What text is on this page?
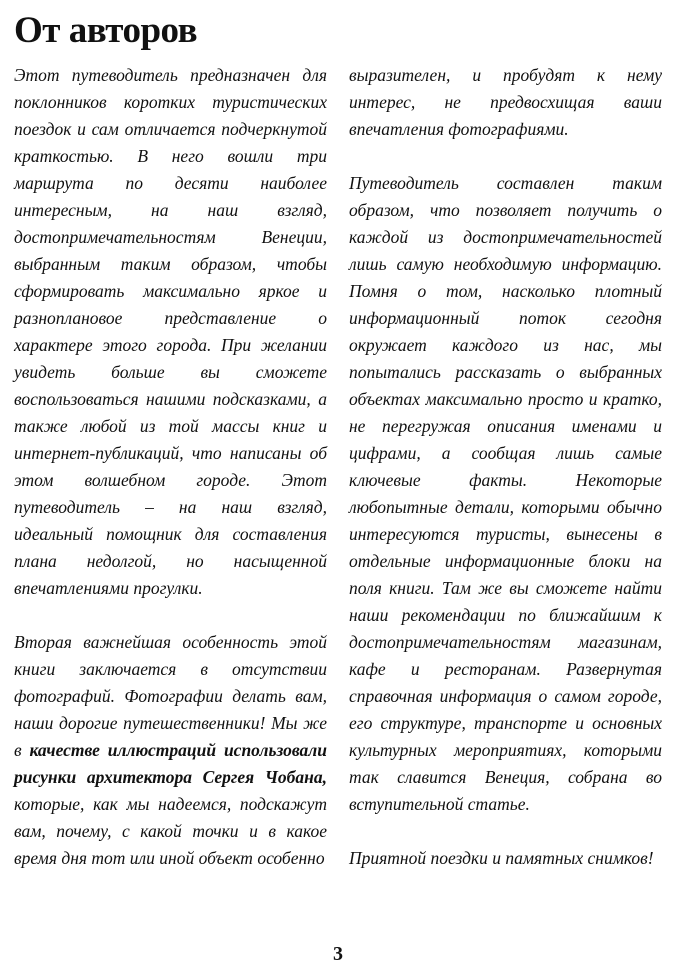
От авторов

Этот путеводитель предназначен для поклонников коротких туристических поездок и сам отличается подчеркнутой краткостью. В него вошли три маршрута по десяти наиболее интересным, на наш взгляд, достопримечательностям Венеции, выбранным таким образом, чтобы сформировать максимально яркое и разноплановое представление о характере этого города. При желании увидеть больше вы сможете воспользоваться нашими подсказками, а также любой из той массы книг и интернет-публикаций, что написаны об этом волшебном городе. Этот путеводитель – на наш взгляд, идеальный помощник для составления плана недолгой, но насыщенной впечатлениями прогулки.

Вторая важнейшая особенность этой книги заключается в отсутствии фотографий. Фотографии делать вам, наши дорогие путешественники! Мы же в качестве иллюстраций использовали рисунки архитектора Сергея Чобана, которые, как мы надеемся, подскажут вам, почему, с какой точки и в какое время дня тот или иной объект особенно

выразителен, и пробудят к нему интерес, не предвосхищая ваши впечатления фотографиями.

Путеводитель составлен таким образом, что позволяет получить о каждой из достопримечательностей лишь самую необходимую информацию. Помня о том, насколько плотный информационный поток сегодня окружает каждого из нас, мы попытались рассказать о выбранных объектах максимально просто и кратко, не перегружая описания именами и цифрами, а сообщая лишь самые ключевые факты. Некоторые любопытные детали, которыми обычно интересуются туристы, вынесены в отдельные информационные блоки на поля книги. Там же вы сможете найти наши рекомендации по ближайшим к достопримечательностям магазинам, кафе и ресторанам. Развернутая справочная информация о самом городе, его структуре, транспорте и основных культурных мероприятиях, которыми так славится Венеция, собрана во вступительной статье.

Приятной поездки и памятных снимков!

3
